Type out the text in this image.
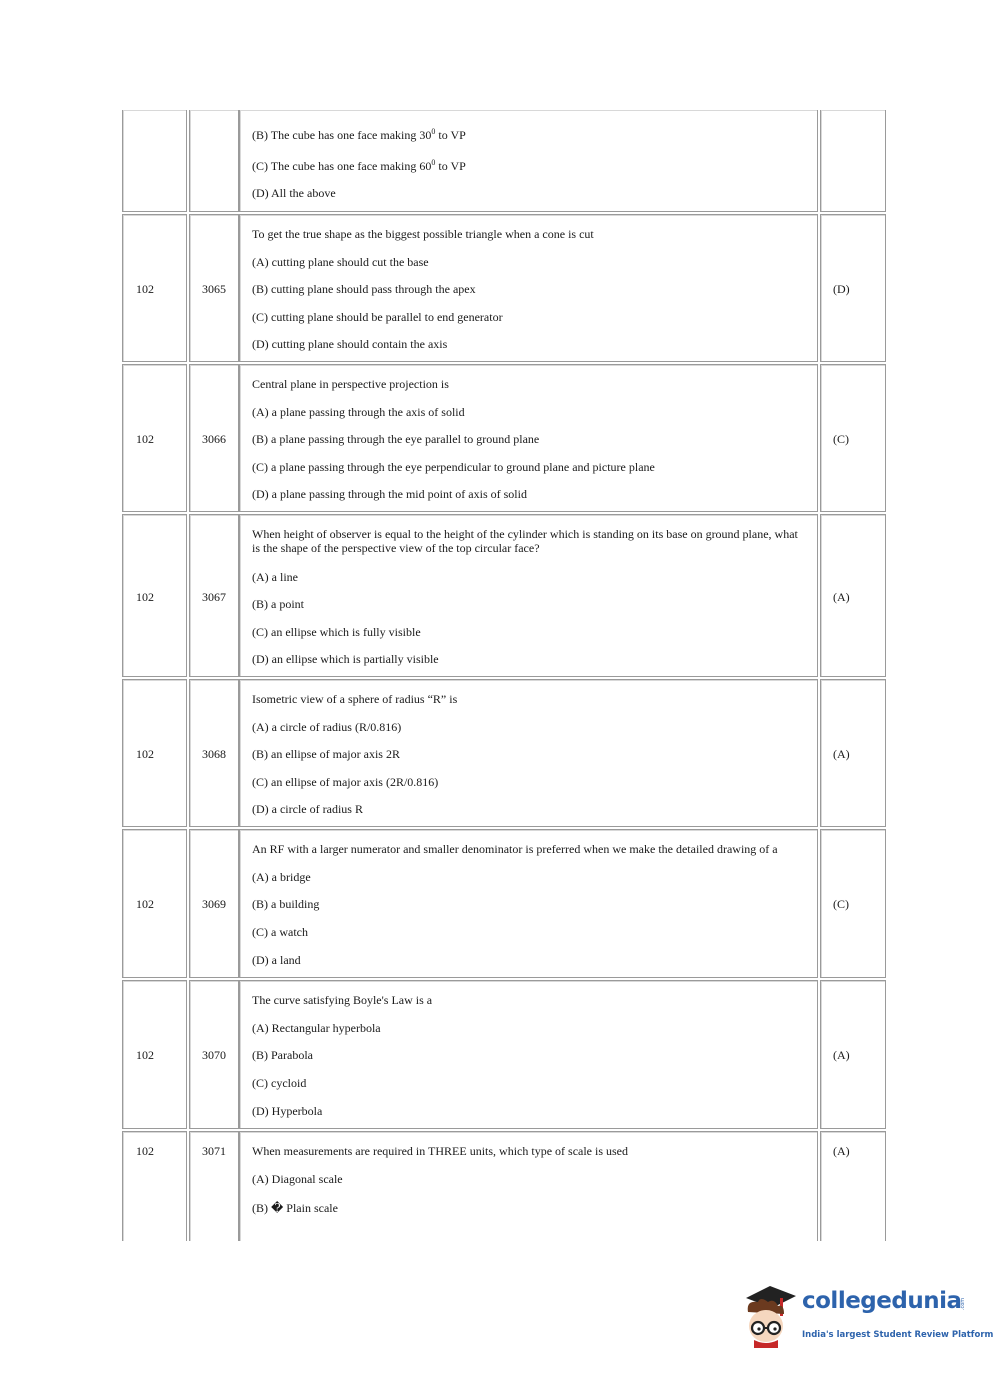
(B) The cube has one face making $30^0$ to VP
(C) The cube has one face making $60^0$ to VP
(D) All the above
102	3065
To get the true shape as the biggest possible triangle when a cone is cut
(A) cutting plane should cut the base
(B) cutting plane should pass through the apex
(C) cutting plane should be parallel to end generator
(D) cutting plane should contain the axis
(D)
102	3066
Central plane in perspective projection is
(A) a plane passing through the axis of solid
(B) a plane passing through the eye parallel to ground plane
(C) a plane passing through the eye perpendicular to ground plane and picture plane
(D) a plane passing through the mid point of axis of solid
(C)
102	3067
When height of observer is equal to the height of the cylinder which is standing on its base on ground plane, what is the shape of the perspective view of the top circular face?
(A) a line
(B) a point
(C) an ellipse which is fully visible
(D) an ellipse which is partially visible
(A)
102	3068
Isometric view of a sphere of radius “R” is
(A) a circle of radius (R/0.816)
(B) an ellipse of major axis 2R
(C) an ellipse of major axis (2R/0.816)
(D) a circle of radius R
(A)
102	3069
An RF with a larger numerator and smaller denominator is preferred when we make the detailed drawing of a
(A) a bridge
(B) a building
(C) a watch
(D) a land
(C)
102	3070
The curve satisfying Boyle's Law is a
(A) Rectangular hyperbola
(B) Parabola
(C) cycloid
(D) Hyperbola
(A)
102	3071 When measurements are required in THREE units, which type of scale is used
(A) Diagonal scale
(B) � Plain scale
(A)
collegedunia
.com
India's largest Student Review Platform
